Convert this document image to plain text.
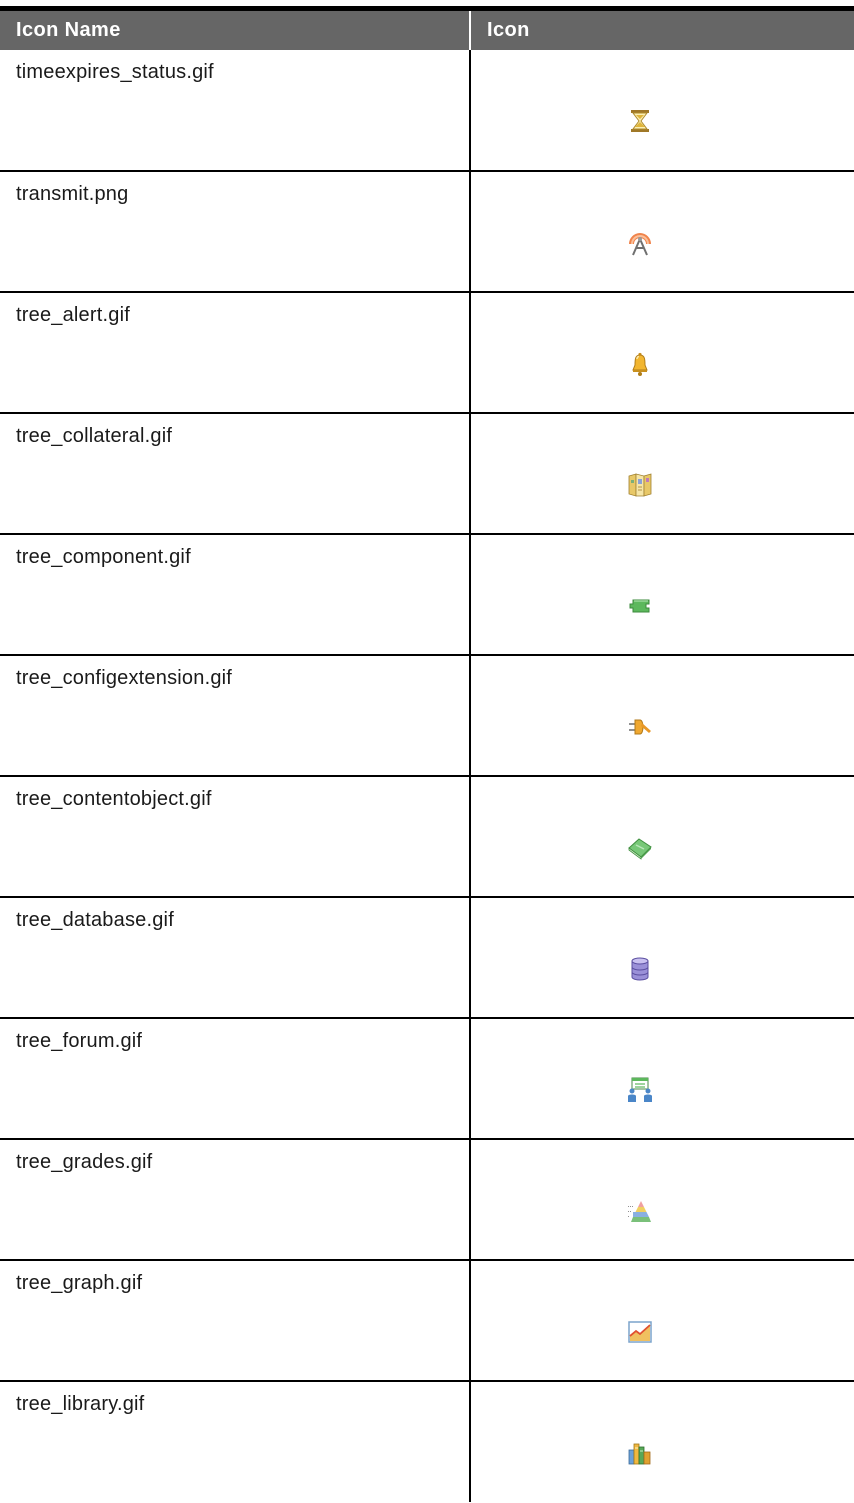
Icon Name	Icon
timeexpires_status.gif	

transmit.png	

tree_alert.gif	

tree_collateral.gif	

tree_component.gif	

tree_configextension.gif	

tree_contentobject.gif	

tree_database.gif	

tree_forum.gif	

tree_grades.gif	

tree_graph.gif	

tree_library.gif	
